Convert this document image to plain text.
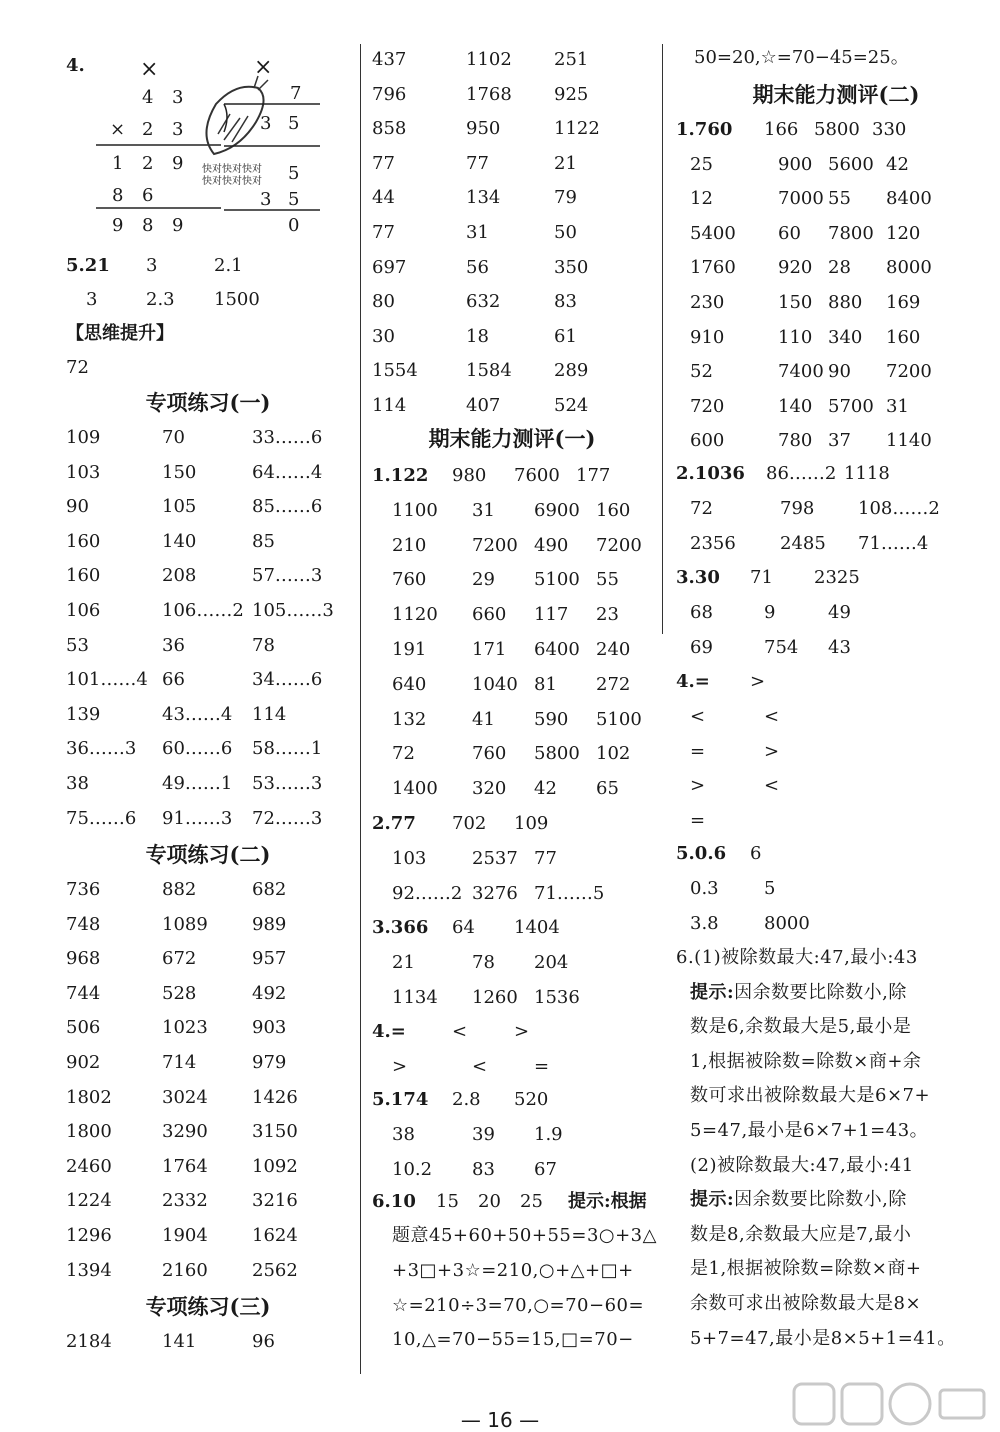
4.	×
4 3
× 2 3
1 2 9
8 6
9 8 9
×
7
3 5
5
快对快对快对 快对快对快对
3 5
0
5.21 3	2.1
3	2.3 1500
【思维提升】
72
专项练习(一)
109	70	33……6
103	150	64……4
90	105	85……6
160	140	85
160	208	57……3
106	106……2 105……3
53	36	78
101……4 66	34……6
139	43……4 114
36……3 60……6 58……1
38	49……1 53……3
75……6 91……3 72……3
专项练习(二)
736	882	682
748	1089 989
968	672	957
744	528	492
506	1023 903
902	714	979
1802	3024 1426
1800	3290 3150
2460	1764 1092
1224	2332 3216
1296	1904 1624
1394	2160 2562
专项练习(三)
2184	141	96
437	1102 251
796	1768 925
858	950	1122
77	77	21
44	134	79
77	31	50
697	56	350
80	632	83
30	18	61
1554	1584 289
114	407	524
期末能力测评(一)
1.122 980 7600 177
1100 31 6900 160
210	7200 490 7200
760	29 5100 55
1120 660 117 23
191	171 6400 240
640	1040 81 272
132	41 590 5100
72	760 5800 102
1400 320 42 65
2.77 702 109
103	2537 77
92……2 3276 71……5
3.366 64 1404
21	78 204
1134 1260 1536
4.=	<	>
>	<	=
5.174 2.8 520
38	39 1.9
10.2 83 67
6.10 15 20 25 提示:根据
题意45+60+50+55=3○+3△
+3□+3☆=210,○+△+□+
☆=210÷3=70,○=70−60=
10,△=70−55=15,□=70−
50=20,☆=70−45=25。
期末能力测评(二)
1.760 166 5800 330
25	900 5600 42
12	7000 55 8400
5400 60 7800 120
1760 920 28 8000
230	150 880 169
910	110 340 160
52	7400 90 7200
720	140 5700 31
600	780 37 1140
2.1036 86……2 1118
72	798 108……2
2356 2485 71……4
3.30 71 2325
68	9	49
69	754 43
4.= >
<	<
=	>
>	<
=
5.0.6 6
0.3	5
3.8	8000
6.(1)被除数最大:47,最小:43
提示:因余数要比除数小,除
数是6,余数最大是5,最小是
1,根据被除数=除数×商+余
数可求出被除数最大是6×7+
5=47,最小是6×7+1=43。
(2)被除数最大:47,最小:41
提示:因余数要比除数小,除
数是8,余数最大应是7,最小
是1,根据被除数=除数×商+
余数可求出被除数最大是8×
5+7=47,最小是8×5+1=41。
— 16 —
